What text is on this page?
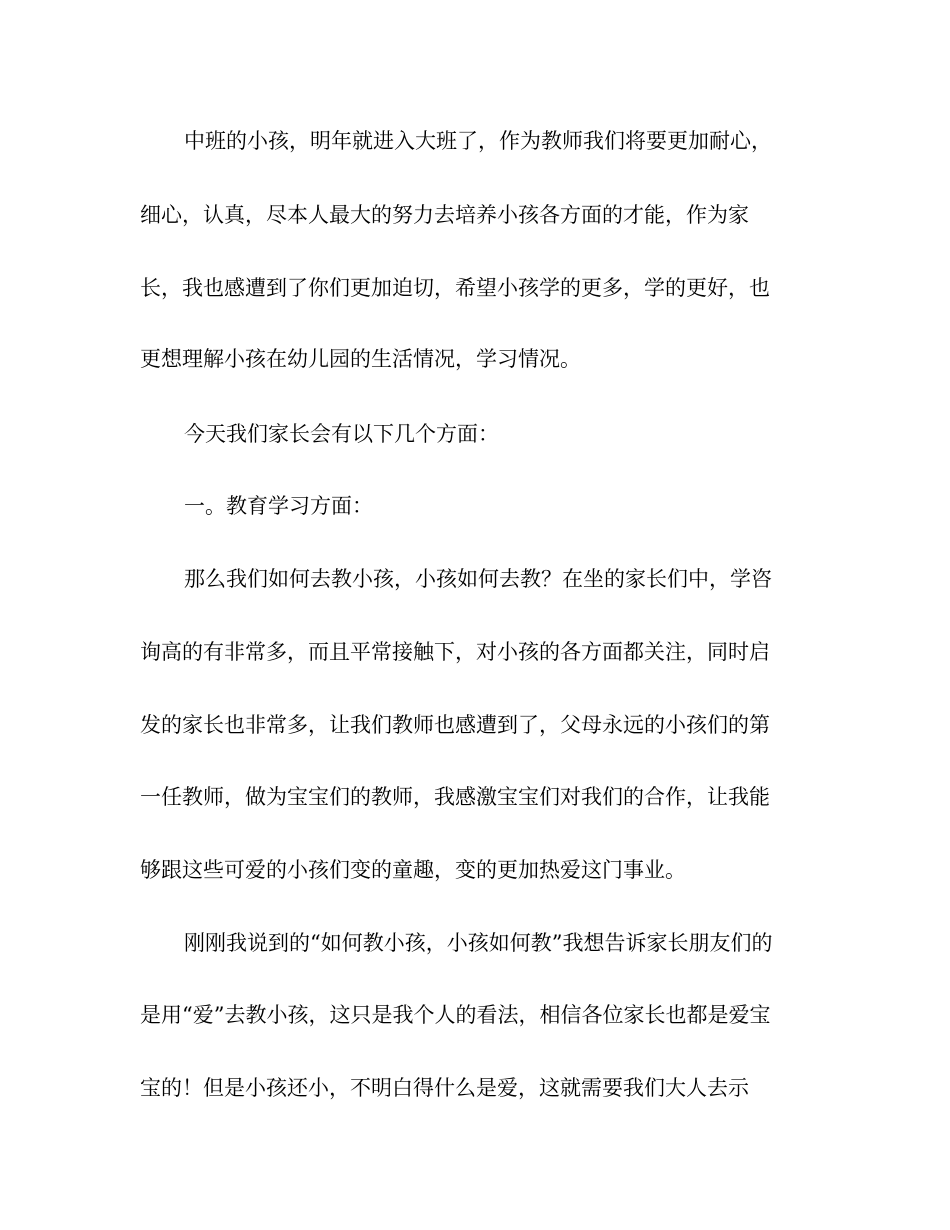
中班的小孩，明年就进入大班了，作为教师我们将要更加耐心，
细心，认真，尽本人最大的努力去培养小孩各方面的才能，作为家
长，我也感遭到了你们更加迫切，希望小孩学的更多，学的更好，也
更想理解小孩在幼儿园的生活情况，学习情况。
今天我们家长会有以下几个方面：
一。教育学习方面：
那么我们如何去教小孩，小孩如何去教？在坐的家长们中，学咨
询高的有非常多，而且平常接触下，对小孩的各方面都关注，同时启
发的家长也非常多，让我们教师也感遭到了，父母永远的小孩们的第
一任教师，做为宝宝们的教师，我感激宝宝们对我们的合作，让我能
够跟这些可爱的小孩们变的童趣，变的更加热爱这门事业。
刚刚我说到的“如何教小孩，小孩如何教”我想告诉家长朋友们的
是用“爱”去教小孩，这只是我个人的看法，相信各位家长也都是爱宝
宝的！但是小孩还小，不明白得什么是爱，这就需要我们大人去示
